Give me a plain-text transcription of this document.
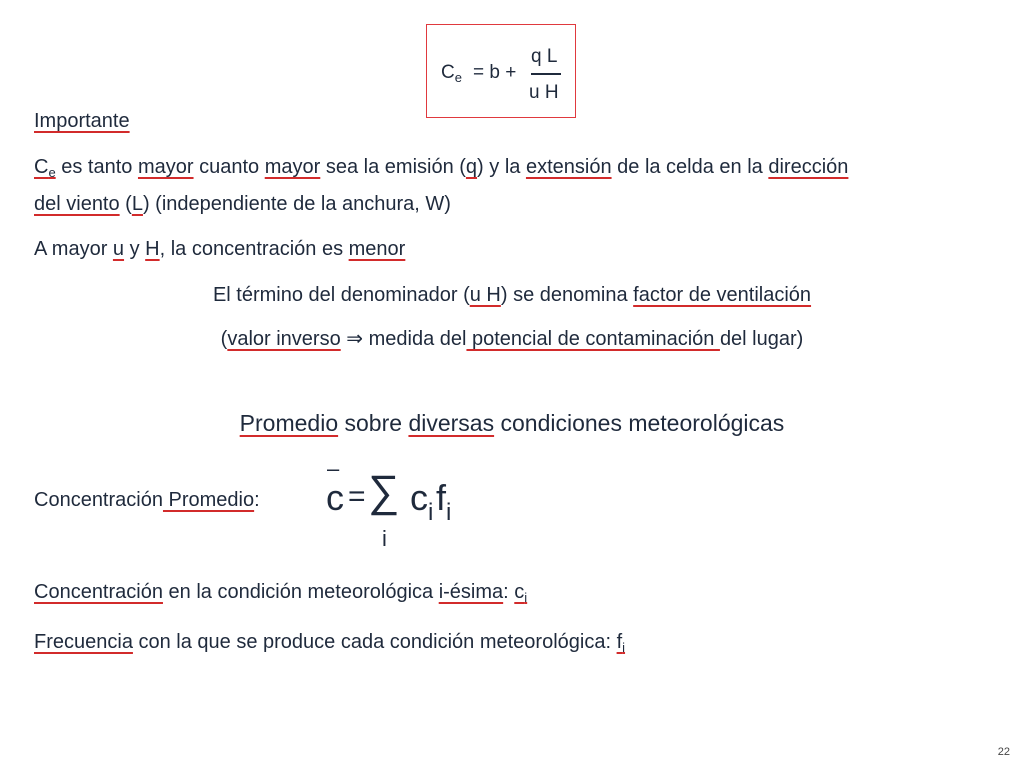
$C_e = b$ +
q L
u H
Importante
$C_e$ es tanto mayor cuanto mayor sea la emisión (q) y la extensión de la celda en la dirección
del viento (L) (independiente de la anchura, W)
A mayor u y H, la concentración es menor
El término del denominador (u H) se denomina factor de ventilación
(valor inverso ⇒ medida del potencial de contaminación del lugar)
Promedio sobre diversas condiciones meteorológicas
Concentración Promedio:
–
c = ∑
i
$c_i$ $f_i$
Concentración en la condición meteorológica i-ésima: $c_i$
Frecuencia con la que se produce cada condición meteorológica: $f_i$
22
